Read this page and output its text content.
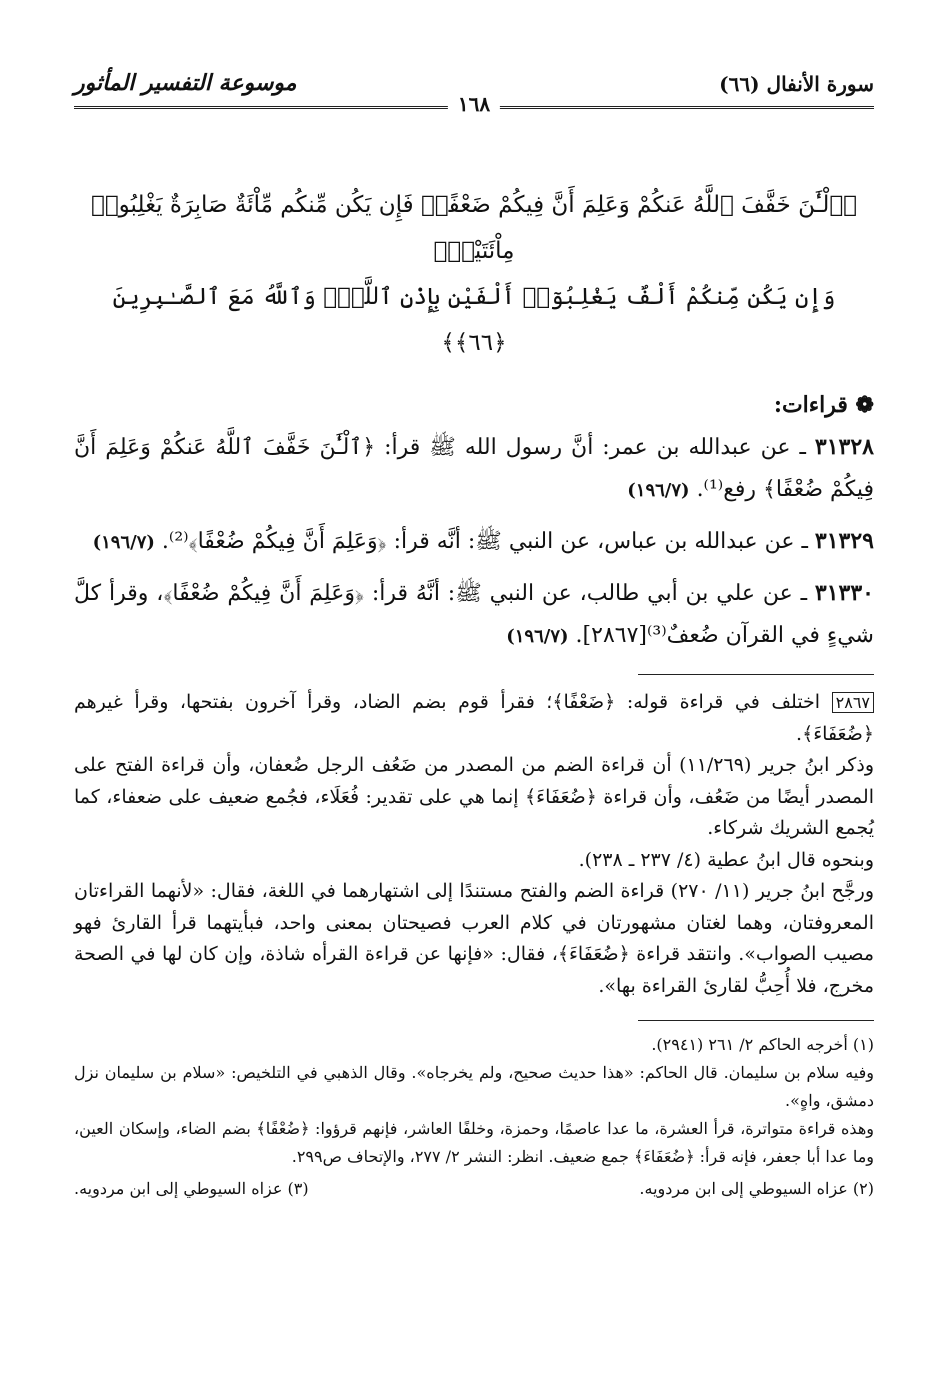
سورة الأنفال (٦٦)
موسوعة التفسير المأثور
١٦٨
﴿ٱلْـَٰٔنَ خَفَّفَ ٱللَّهُ عَنكُمْ وَعَلِمَ أَنَّ فِيكُمْ ضَعْفًاۚ فَإِن يَكُن مِّنكُم مِّاْئَةٌ صَابِرَةٌ يَغْلِبُوا۟ مِاْئَتَيْنِۚ
وَإِن يَكُن مِّنكُمْ أَلْفٌ يَغْلِبُوٓا۟ أَلْفَيْنِ بِإِذْنِ ٱللَّهِۗ وَٱللَّهُ مَعَ ٱلصَّـٰبِرِينَ ﴿٦٦﴾﴾
❁ قراءات:
٣١٣٢٨ ـ عن عبدالله بن عمر: أنَّ رسول الله ﷺ قرأ: ﴿ٱلْـَٰٔنَ خَفَّفَ ٱللَّهُ عَنكُمْ وَعَلِمَ أَنَّ فِيكُمْ ضُعْفًا﴾ رفع⁽¹⁾. (١٩٦/٧)
٣١٣٢٩ ـ عن عبدالله بن عباس، عن النبي ﷺ: أنَّه قرأ: ﴿وَعَلِمَ أَنَّ فِيكُمْ ضُعْفًا﴾⁽²⁾. (١٩٦/٧)
٣١٣٣٠ ـ عن علي بن أبي طالب، عن النبي ﷺ: أنَّهُ قرأ: ﴿وَعَلِمَ أَنَّ فِيكُمْ ضُعْفًا﴾، وقرأ كلَّ شيءٍ في القرآن ضُعفٌ⁽³⁾[٢٨٦٧]. (١٩٦/٧)

٢٨٦٧ اختلف في قراءة قوله: ﴿ضَعْفًا﴾؛ فقرأ قوم بضم الضاد، وقرأ آخرون بفتحها، وقرأ غيرهم ﴿ضُعَفَاءَ﴾.

وذكر ابنُ جرير (١١/٢٦٩) أن قراءة الضم من المصدر من ضَعُف الرجل ضُعفان، وأن قراءة الفتح على المصدر أيضًا من ضَعُف، وأن قراءة ﴿ضُعَفَاءَ﴾ إنما هي على تقدير: فُعَلَاء، فجُمع ضعيف على ضعفاء، كما يُجمع الشريك شركاء.

وبنحوه قال ابنُ عطية (٤/ ٢٣٧ ـ ٢٣٨).

ورجَّح ابنُ جرير (١١/ ٢٧٠) قراءة الضم والفتح مستندًا إلى اشتهارهما في اللغة، فقال: «لأنهما القراءتان المعروفتان، وهما لغتان مشهورتان في كلام العرب فصيحتان بمعنى واحد، فبأيتهما قرأ القارئ فهو مصيب الصواب». وانتقد قراءة ﴿ضُعَفَاءَ﴾، فقال: «فإنها عن قراءة القرأه شاذة، وإن كان لها في الصحة مخرج، فلا أُحِبُّ لقارئ القراءة بها».

(١) أخرجه الحاكم ٢/ ٢٦١ (٢٩٤١).

وفيه سلام بن سليمان. قال الحاكم: «هذا حديث صحيح، ولم يخرجاه». وقال الذهبي في التلخيص: «سلام بن سليمان نزل دمشق، واهٍ».

وهذه قراءة متواترة، قرأ العشرة، ما عدا عاصمًا، وحمزة، وخلفًا العاشر، فإنهم قرؤوا: ﴿ضُعْفًا﴾ بضم الضاء، وإسكان العين، وما عدا أبا جعفر، فإنه قرأ: ﴿ضُعَفَاءَ﴾ جمع ضعيف. انظر: النشر ٢/ ٢٧٧، والإتحاف ص٢٩٩.

(٢) عزاه السيوطي إلى ابن مردويه.
(٣) عزاه السيوطي إلى ابن مردويه.
